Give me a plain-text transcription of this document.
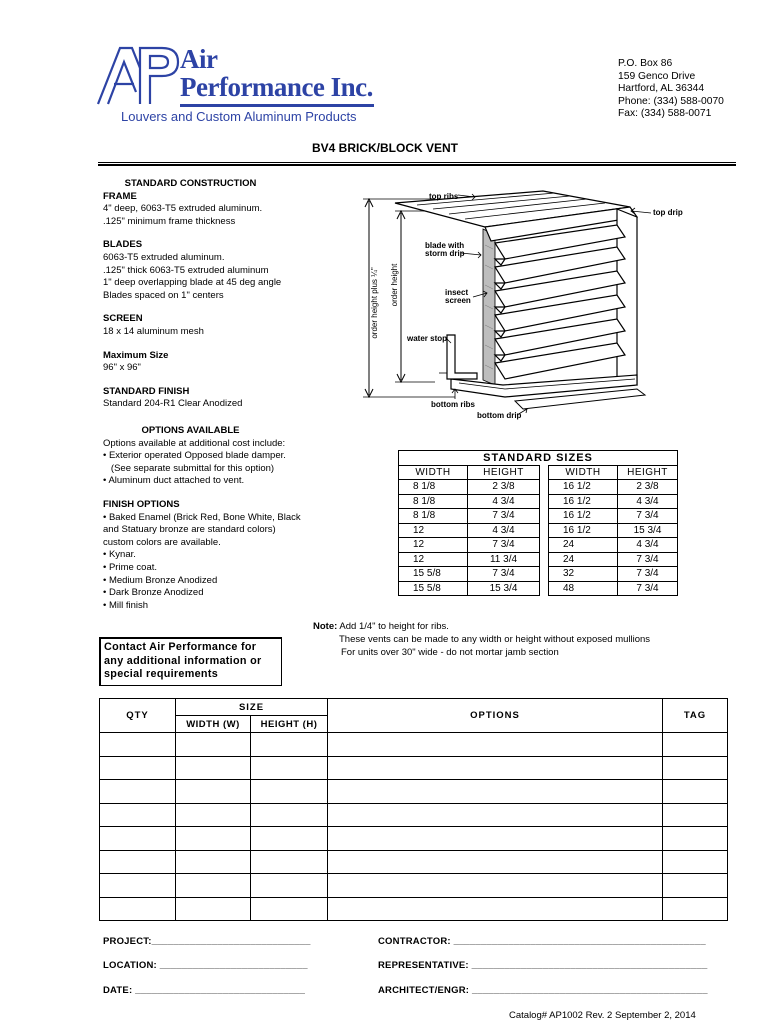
Air
Performance Inc.
Louvers and Custom Aluminum Products
P.O. Box 86
159 Genco Drive
Hartford, AL 36344
Phone: (334) 588-0070
Fax: (334) 588-0071
BV4 BRICK/BLOCK VENT
STANDARD CONSTRUCTION
FRAME
4" deep, 6063-T5 extruded aluminum.
.125" minimum frame thickness
BLADES
6063-T5 extruded aluminum.
.125" thick 6063-T5 extruded aluminum
1" deep overlapping blade at 45 deg angle
Blades spaced on 1" centers
SCREEN
18 x 14 aluminum mesh
Maximum Size
96" x 96"
STANDARD FINISH
Standard 204-R1 Clear Anodized
OPTIONS AVAILABLE
Options available at additional cost include:
• Exterior operated Opposed blade damper.
(See separate submittal for this option)
• Aluminum duct attached to vent.
FINISH OPTIONS
• Baked Enamel (Brick Red, Bone White, Black
and Statuary bronze are standard colors)
custom colors are available.
• Kynar.
• Prime coat.
• Medium Bronze Anodized
• Dark Bronze Anodized
• Mill finish
order height plus ¼" order height
top ribs
top drip
blade with
storm drip
insect
screen
water stop
bottom ribs
bottom drip
STANDARD SIZES				
WIDTH	HEIGHT		WIDTH	HEIGHT
8 1/8	2 3/8		16 1/2	2 3/8
8 1/8	4 3/4		16 1/2	4 3/4
8 1/8	7 3/4		16 1/2	7 3/4
12	4 3/4		16 1/2	15 3/4
12	7 3/4		24	4 3/4
12	11 3/4		24	7 3/4
15 5/8	7 3/4		32	7 3/4
15 5/8	15 3/4		48	7 3/4
Note: Add 1/4" to height for ribs.
These vents can be made to any width or height without exposed mullions
For units over 30" wide - do not mortar jamb section
Contact Air Performance for
any additional information or
special requirements
QTY	SIZE		OPTIONS	TAG
	WIDTH (W)	HEIGHT (H)		

PROJECT:_____________________________
LOCATION: ___________________________
DATE: _______________________________
CONTRACTOR: ______________________________________________
REPRESENTATIVE: ___________________________________________
ARCHITECT/ENGR: ___________________________________________
Catalog# AP1002 Rev. 2 September 2, 2014
